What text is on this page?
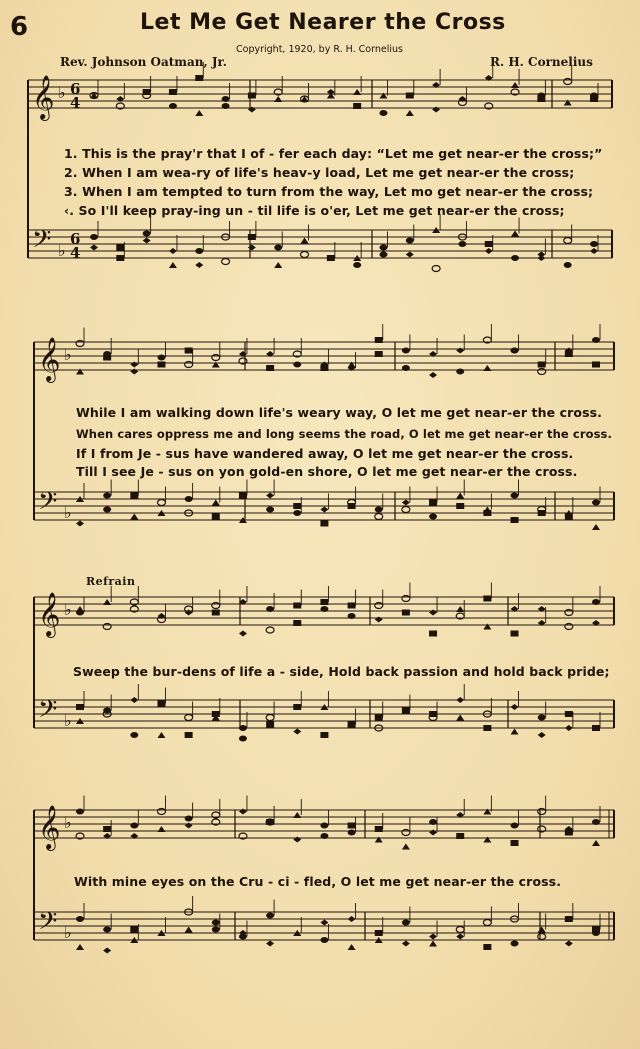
6	Let Me Get Nearer the Cross
Copyright, 1920, by R. H. Cornelius
Rev. Johnson Oatman, Jr.	R. H. Cornelius
𝄞 ♭ 6
4
𝄢 ♭
6
4
𝄞 ♭
𝄢 ♭
𝄞 ♭
𝄢 ♭
𝄞 ♭
𝄢 ♭
1. This is the pray'r that I of - fer each day: “Let me get near-er the cross;”
2. When I am wea-ry of life's heav-y load, Let me get near-er the cross;
3. When I am tempted to turn from the way, Let mo get near-er the cross;
‹. So I'll keep pray-ing un - til life is o'er, Let me get near-er the cross;
While I am walking down life's weary way, O let me get near-er the cross.
When cares oppress me and long seems the road, O let me get near-er the cross.
If I from Je - sus have wandered away, O let me get near-er the cross.
Till I see Je - sus on yon gold-en shore, O let me get near-er the cross.
Refrain
Sweep the bur-dens of life a - side, Hold back passion and hold back pride;
With mine eyes on the Cru - ci - fled, O let me get near-er the cross.
